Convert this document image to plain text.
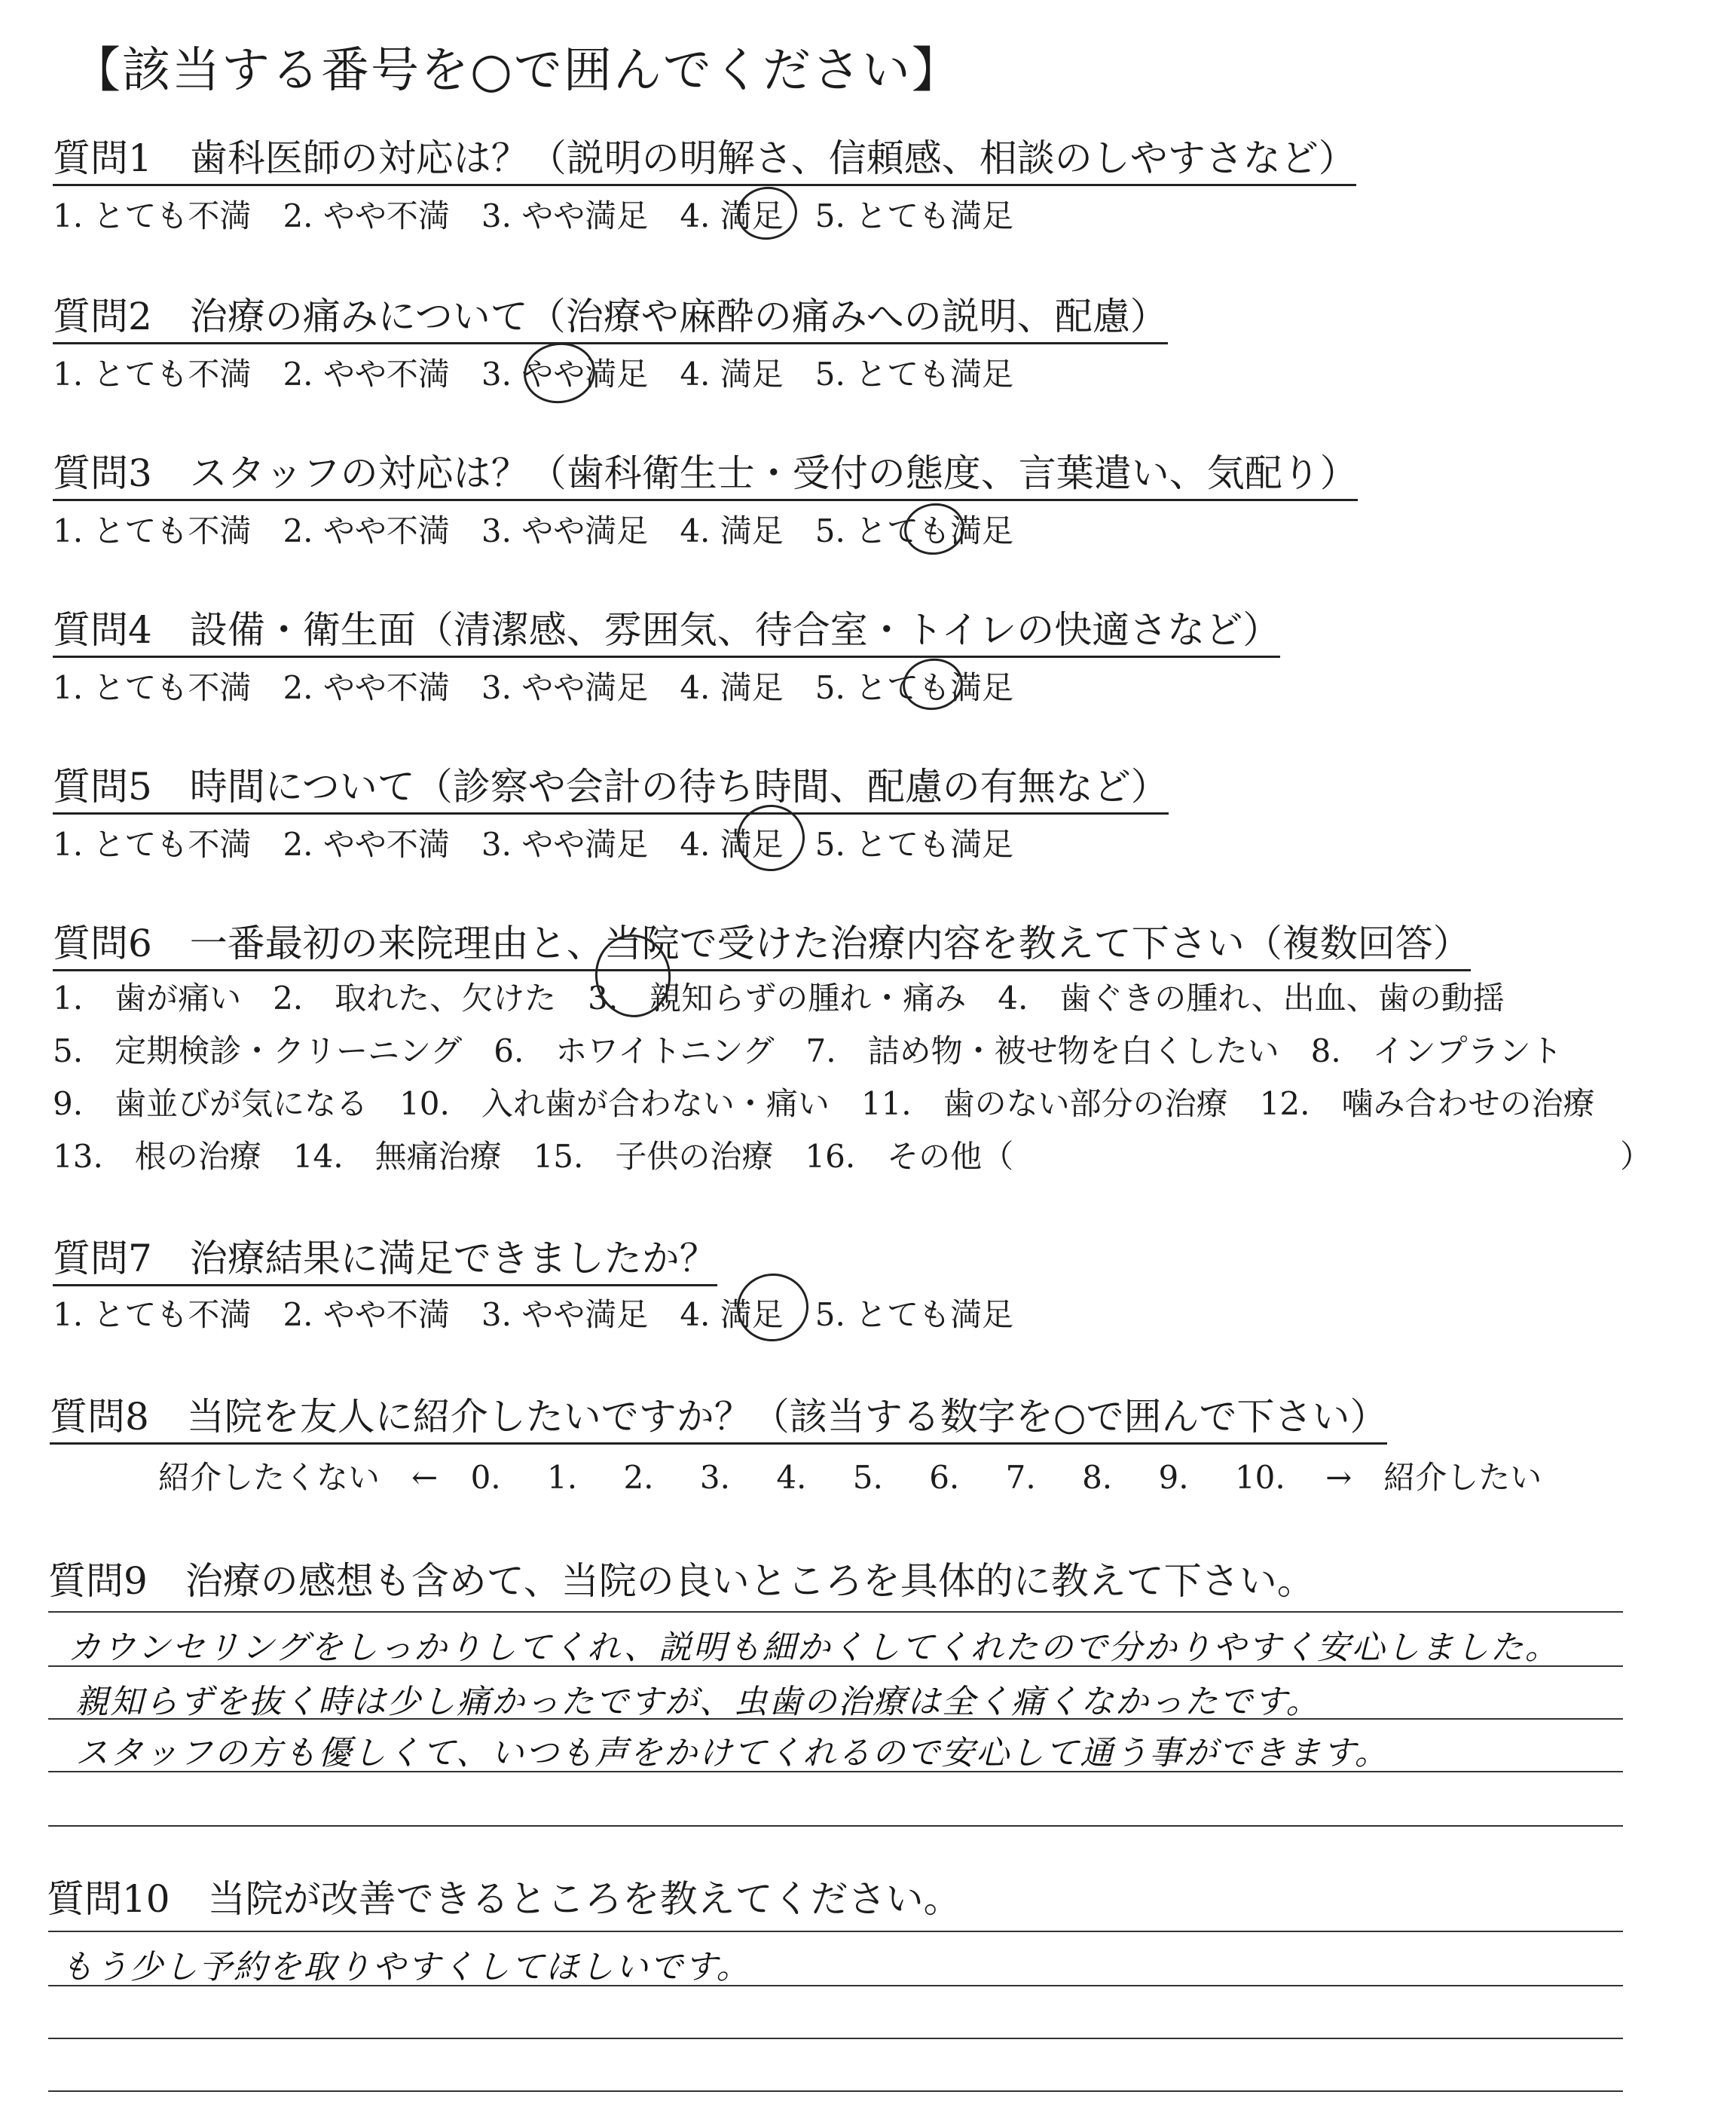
【該当する番号を○で囲んでください】
質問1　歯科医師の対応は？（説明の明解さ、信頼感、相談のしやすさなど）
1. とても不満 2. やや不満 3. やや満足 4. 満足 5. とても満足
質問2　治療の痛みについて（治療や麻酔の痛みへの説明、配慮）
1. とても不満 2. やや不満 3. やや満足 4. 満足 5. とても満足
質問3　スタッフの対応は？（歯科衛生士・受付の態度、言葉遣い、気配り）
1. とても不満 2. やや不満 3. やや満足 4. 満足 5. とても満足
質問4　設備・衛生面（清潔感、雰囲気、待合室・トイレの快適さなど）
1. とても不満 2. やや不満 3. やや満足 4. 満足 5. とても満足
質問5　時間について（診察や会計の待ち時間、配慮の有無など）
1. とても不満 2. やや不満 3. やや満足 4. 満足 5. とても満足
質問6　一番最初の来院理由と、当院で受けた治療内容を教えて下さい（複数回答）
1.　歯が痛い　2.　取れた、欠けた　3.　親知らずの腫れ・痛み　4.　歯ぐきの腫れ、出血、歯の動揺
5.　定期検診・クリーニング　6.　ホワイトニング　7.　詰め物・被せ物を白くしたい　8.　インプラント
9.　歯並びが気になる　10.　入れ歯が合わない・痛い　11.　歯のない部分の治療　12.　噛み合わせの治療
13.　根の治療　14.　無痛治療　15.　子供の治療　16.　その他（	）
質問7　治療結果に満足できましたか？
1. とても不満 2. やや不満 3. やや満足 4. 満足 5. とても満足
質問8　当院を友人に紹介したいですか？（該当する数字を○で囲んで下さい）
紹介したくない　← 0. 1. 2. 3. 4. 5. 6. 7. 8. 9. 10. →　紹介したい
質問9　治療の感想も含めて、当院の良いところを具体的に教えて下さい。
カウンセリングをしっかりしてくれ、説明も細かくしてくれたので分かりやすく安心しました。
親知らずを抜く時は少し痛かったですが、虫歯の治療は全く痛くなかったです。
スタッフの方も優しくて、いつも声をかけてくれるので安心して通う事ができます。
質問10　当院が改善できるところを教えてください。
もう少し予約を取りやすくしてほしいです。
